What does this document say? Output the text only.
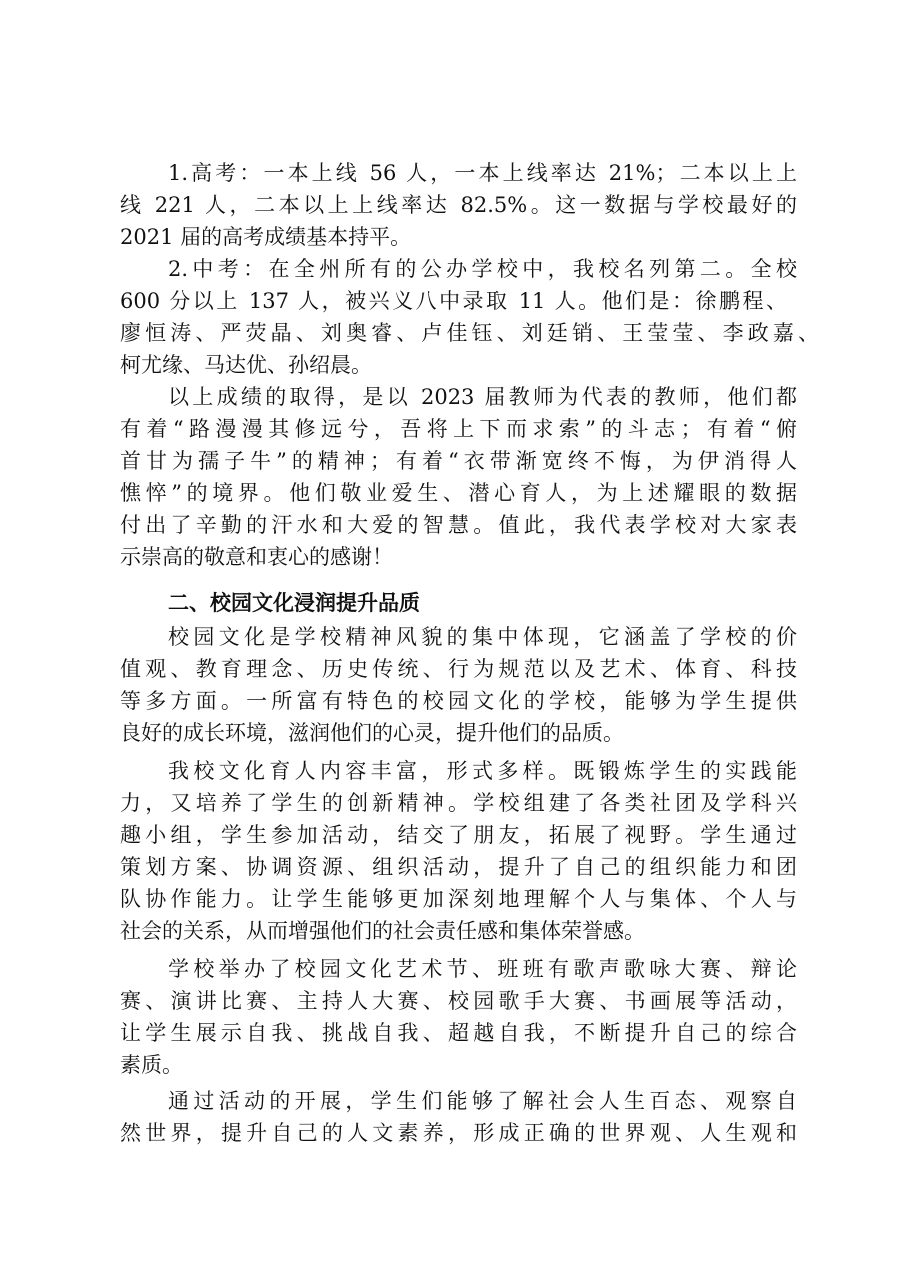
1.高考：一本上线 56 人，一本上线率达 21%；二本以上上
线 221 人，二本以上上线率达 82.5%。这一数据与学校最好的
2021 届的高考成绩基本持平。
2.中考：在全州所有的公办学校中，我校名列第二。全校
600 分以上 137 人，被兴义八中录取 11 人。他们是：徐鹏程、
廖恒涛、严荧晶、刘奥睿、卢佳钰、刘廷销、王莹莹、李政嘉、
柯尤缘、马达优、孙绍晨。
以上成绩的取得，是以 2023 届教师为代表的教师，他们都
有着“路漫漫其修远兮，吾将上下而求索”的斗志；有着“俯
首甘为孺子牛”的精神；有着“衣带渐宽终不悔，为伊消得人
憔悴”的境界。他们敬业爱生、潜心育人，为上述耀眼的数据
付出了辛勤的汗水和大爱的智慧。值此，我代表学校对大家表
示崇高的敬意和衷心的感谢！
二、校园文化浸润提升品质
校园文化是学校精神风貌的集中体现，它涵盖了学校的价
值观、教育理念、历史传统、行为规范以及艺术、体育、科技
等多方面。一所富有特色的校园文化的学校，能够为学生提供
良好的成长环境，滋润他们的心灵，提升他们的品质。
我校文化育人内容丰富，形式多样。既锻炼学生的实践能
力，又培养了学生的创新精神。学校组建了各类社团及学科兴
趣小组，学生参加活动，结交了朋友，拓展了视野。学生通过
策划方案、协调资源、组织活动，提升了自己的组织能力和团
队协作能力。让学生能够更加深刻地理解个人与集体、个人与
社会的关系，从而增强他们的社会责任感和集体荣誉感。
学校举办了校园文化艺术节、班班有歌声歌咏大赛、辩论
赛、演讲比赛、主持人大赛、校园歌手大赛、书画展等活动，
让学生展示自我、挑战自我、超越自我，不断提升自己的综合
素质。
通过活动的开展，学生们能够了解社会人生百态、观察自
然世界，提升自己的人文素养，形成正确的世界观、人生观和
